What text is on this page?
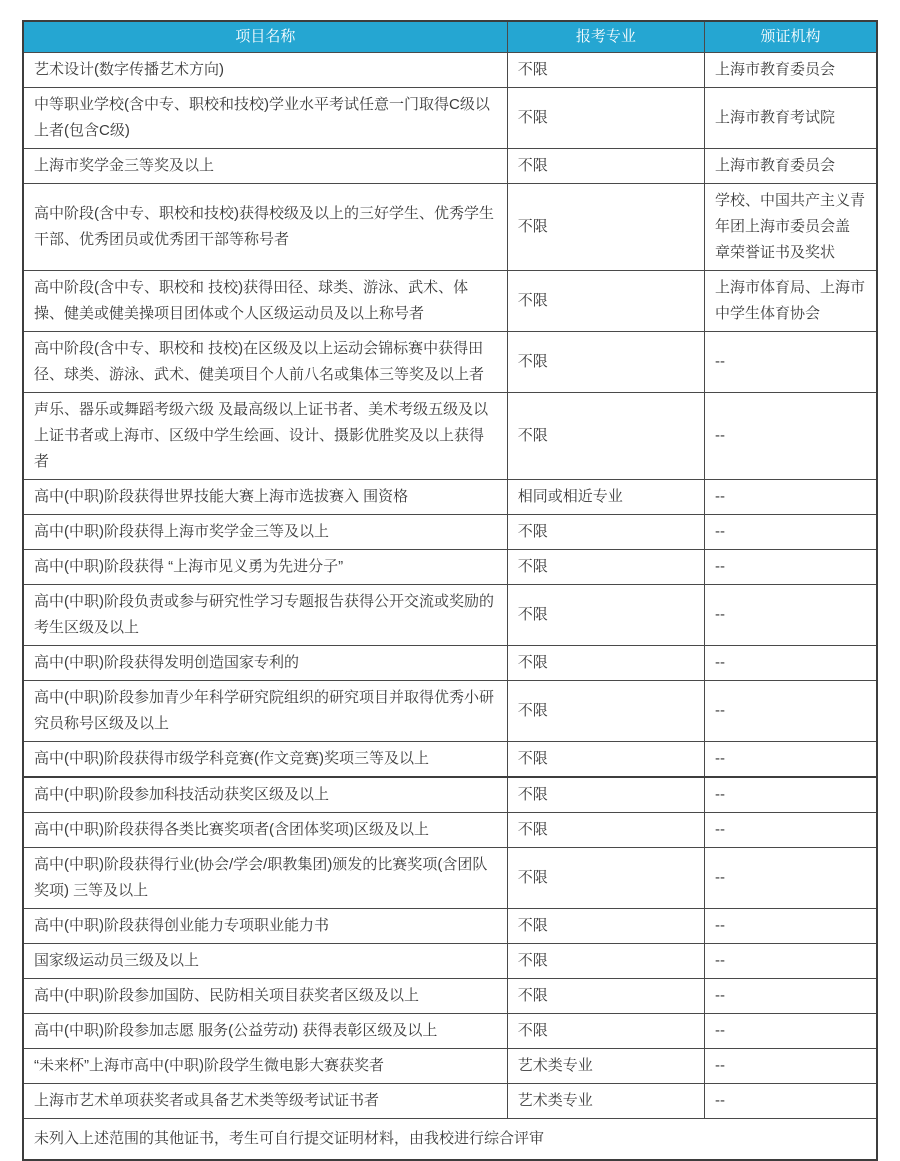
项目名称	报考专业	颁证机构
艺术设计(数字传播艺术方向)	不限	上海市教育委员会
中等职业学校(含中专、职校和技校)学业水平考试任意一门取得C级以上者(包含C级)	不限	上海市教育考试院
上海市奖学金三等奖及以上	不限	上海市教育委员会
高中阶段(含中专、职校和技校)获得校级及以上的三好学生、优秀学生干部、优秀团员或优秀团干部等称号者	不限	学校、中国共产主义青年团上海市委员会盖 章荣誉证书及奖状
高中阶段(含中专、职校和 技校)获得田径、球类、游泳、武术、体操、健美或健美操项目团体或个人区级运动员及以上称号者	不限	上海市体育局、上海市中学生体育协会
高中阶段(含中专、职校和 技校)在区级及以上运动会锦标赛中获得田径、球类、游泳、武术、健美项目个人前八名或集体三等奖及以上者	不限	--
声乐、器乐或舞蹈考级六级 及最高级以上证书者、美术考级五级及以上证书者或上海市、区级中学生绘画、设计、摄影优胜奖及以上获得者	不限	--
高中(中职)阶段获得世界技能大赛上海市选拔赛入 围资格	相同或相近专业	--
高中(中职)阶段获得上海市奖学金三等及以上	不限	--
高中(中职)阶段获得 “上海市见义勇为先进分子”	不限	--
高中(中职)阶段负责或参与研究性学习专题报告获得公开交流或奖励的考生区级及以上	不限	--
高中(中职)阶段获得发明创造国家专利的	不限	--
高中(中职)阶段参加青少年科学研究院组织的研究项目并取得优秀小研究员称号区级及以上	不限	--
高中(中职)阶段获得市级学科竞赛(作文竞赛)奖项三等及以上	不限	--
高中(中职)阶段参加科技活动获奖区级及以上	不限	--
高中(中职)阶段获得各类比赛奖项者(含团体奖项)区级及以上	不限	--
高中(中职)阶段获得行业(协会/学会/职教集团)颁发的比赛奖项(含团队奖项) 三等及以上	不限	--
高中(中职)阶段获得创业能力专项职业能力书	不限	--
国家级运动员三级及以上	不限	--
高中(中职)阶段参加国防、民防相关项目获奖者区级及以上	不限	--
高中(中职)阶段参加志愿 服务(公益劳动) 获得表彰区级及以上	不限	--
“未来杯”上海市高中(中职)阶段学生微电影大赛获奖者	艺术类专业	--
上海市艺术单项获奖者或具备艺术类等级考试证书者	艺术类专业	--
未列入上述范围的其他证书，考生可自行提交证明材料，由我校进行综合评审		
